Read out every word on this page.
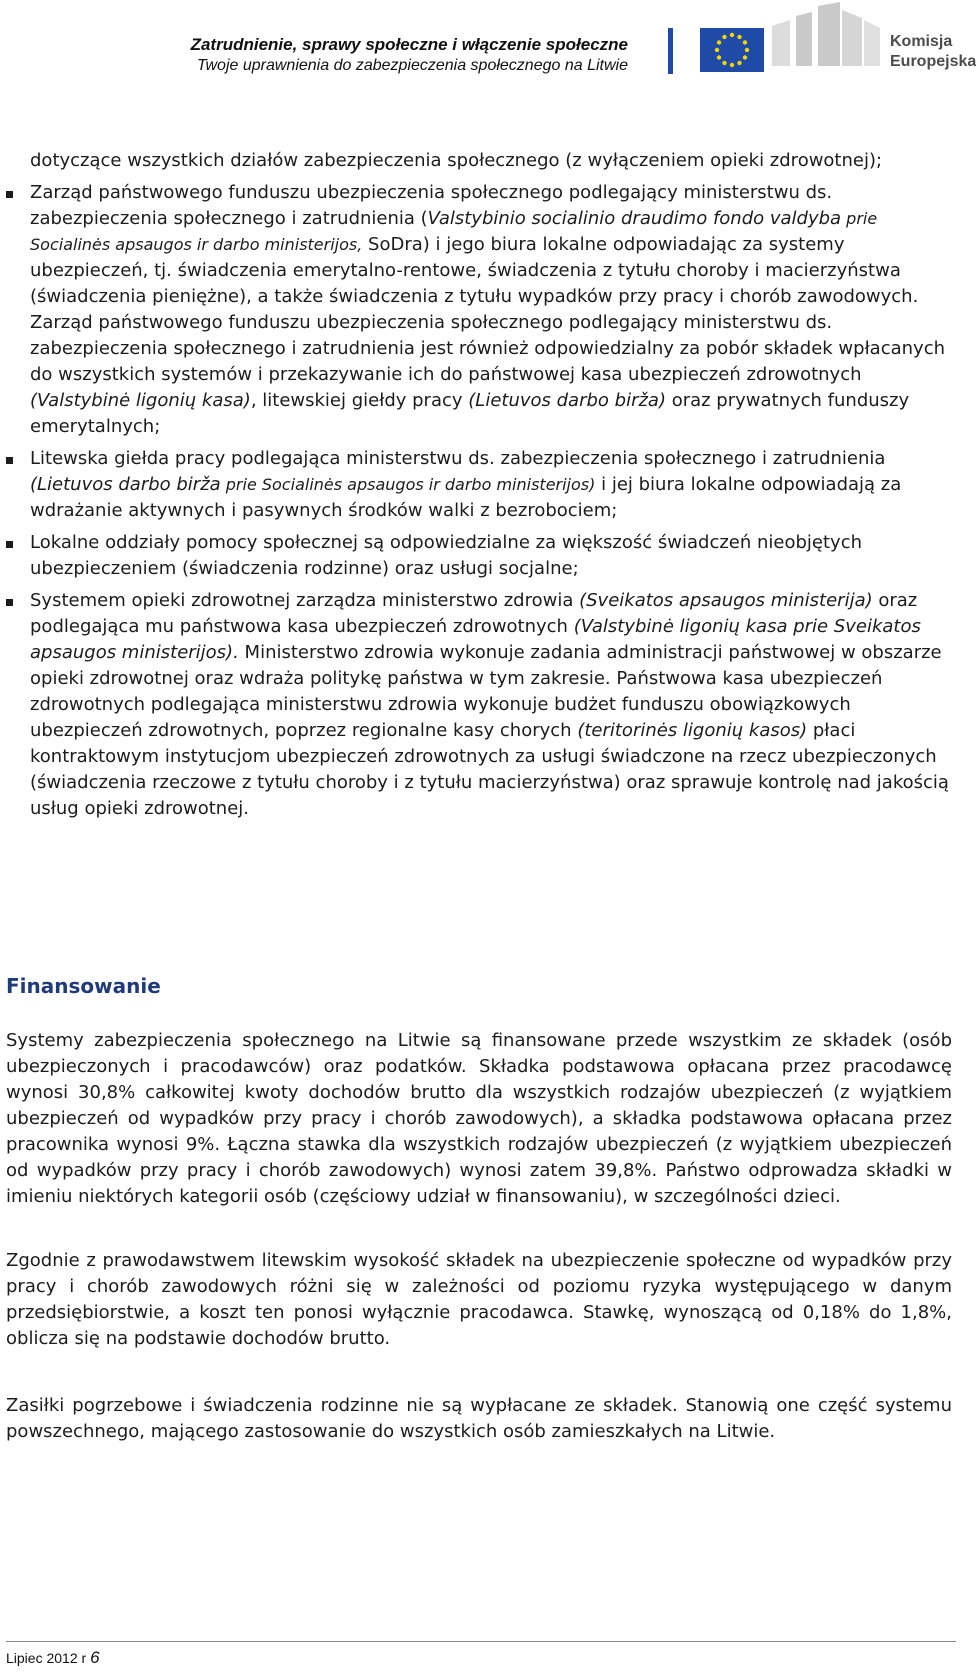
Zatrudnienie, sprawy społeczne i włączenie społeczne
Twoje uprawnienia do zabezpieczenia społecznego na Litwie
Komisja
Europejska
dotyczące wszystkich działów zabezpieczenia społecznego (z wyłączeniem opieki zdrowotnej);
Zarząd państwowego funduszu ubezpieczenia społecznego podlegający ministerstwu ds. zabezpieczenia społecznego i zatrudnienia (Valstybinio socialinio draudimo fondo valdyba prie Socialinės apsaugos ir darbo ministerijos, SoDra) i jego biura lokalne odpowiadając za systemy ubezpieczeń, tj. świadczenia emerytalno-rentowe, świadczenia z tytułu choroby i macierzyństwa (świadczenia pieniężne), a także świadczenia z tytułu wypadków przy pracy i chorób zawodowych. Zarząd państwowego funduszu ubezpieczenia społecznego podlegający ministerstwu ds. zabezpieczenia społecznego i zatrudnienia jest również odpowiedzialny za pobór składek wpłacanych do wszystkich systemów i przekazywanie ich do państwowej kasa ubezpieczeń zdrowotnych (Valstybinė ligonių kasa), litewskiej giełdy pracy (Lietuvos darbo birža) oraz prywatnych funduszy emerytalnych;
Litewska giełda pracy podlegająca ministerstwu ds. zabezpieczenia społecznego i zatrudnienia (Lietuvos darbo birža prie Socialinės apsaugos ir darbo ministerijos) i jej biura lokalne odpowiadają za wdrażanie aktywnych i pasywnych środków walki z bezrobociem;
Lokalne oddziały pomocy społecznej są odpowiedzialne za większość świadczeń nieobjętych ubezpieczeniem (świadczenia rodzinne) oraz usługi socjalne;
Systemem opieki zdrowotnej zarządza ministerstwo zdrowia (Sveikatos apsaugos ministerija) oraz podlegająca mu państwowa kasa ubezpieczeń zdrowotnych (Valstybinė ligonių kasa prie Sveikatos apsaugos ministerijos). Ministerstwo zdrowia wykonuje zadania administracji państwowej w obszarze opieki zdrowotnej oraz wdraża politykę państwa w tym zakresie. Państwowa kasa ubezpieczeń zdrowotnych podlegająca ministerstwu zdrowia wykonuje budżet funduszu obowiązkowych ubezpieczeń zdrowotnych, poprzez regionalne kasy chorych (teritorinės ligonių kasos) płaci kontraktowym instytucjom ubezpieczeń zdrowotnych za usługi świadczone na rzecz ubezpieczonych (świadczenia rzeczowe z tytułu choroby i z tytułu macierzyństwa) oraz sprawuje kontrolę nad jakością usług opieki zdrowotnej.
Finansowanie

Systemy zabezpieczenia społecznego na Litwie są finansowane przede wszystkim ze składek (osób ubezpieczonych i pracodawców) oraz podatków. Składka podstawowa opłacana przez pracodawcę wynosi 30,8% całkowitej kwoty dochodów brutto dla wszystkich rodzajów ubezpieczeń (z wyjątkiem ubezpieczeń od wypadków przy pracy i chorób zawodowych), a składka podstawowa opłacana przez pracownika wynosi 9%. Łączna stawka dla wszystkich rodzajów ubezpieczeń (z wyjątkiem ubezpieczeń od wypadków przy pracy i chorób zawodowych) wynosi zatem 39,8%. Państwo odprowadza składki w imieniu niektórych kategorii osób (częściowy udział w finansowaniu), w szczególności dzieci.

Zgodnie z prawodawstwem litewskim wysokość składek na ubezpieczenie społeczne od wypadków przy pracy i chorób zawodowych różni się w zależności od poziomu ryzyka występującego w danym przedsiębiorstwie, a koszt ten ponosi wyłącznie pracodawca. Stawkę, wynoszącą od 0,18% do 1,8%, oblicza się na podstawie dochodów brutto.

Zasiłki pogrzebowe i świadczenia rodzinne nie są wypłacane ze składek. Stanowią one część systemu powszechnego, mającego zastosowanie do wszystkich osób zamieszkałych na Litwie.

Lipiec 2012 r 6
